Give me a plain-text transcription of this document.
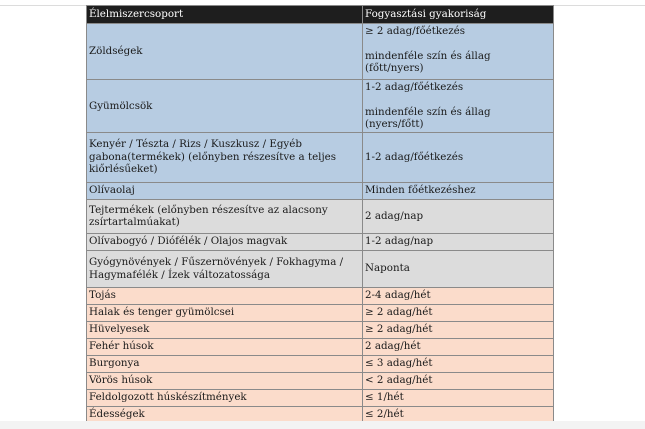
Élelmiszercsoport	Fogyasztási gyakoriság
Zöldségek	≥ 2 adag/főétkezés
mindenféle szín és állag (főtt/nyers)

Gyümölcsök	1-2 adag/főétkezés
mindenféle szín és állag (nyers/főtt)

Kenyér / Tészta / Rizs / Kuszkusz / Egyéb gabona(termékek) (előnyben részesítve a teljes kiőrlésűeket)	1-2 adag/főétkezés
Olívaolaj	Minden főétkezéshez
Tejtermékek (előnyben részesítve az alacsony zsírtartalmúakat)	2 adag/nap
Olívabogyó / Diófélék / Olajos magvak	1-2 adag/nap
Gyógynövények / Fűszernövények / Fokhagyma / Hagymafélék / Ízek változatossága	Naponta
Tojás	2-4 adag/hét
Halak és tenger gyümölcsei	≥ 2 adag/hét
Hüvelyesek	≥ 2 adag/hét
Fehér húsok	2 adag/hét
Burgonya	≤ 3 adag/hét
Vörös húsok	< 2 adag/hét
Feldolgozott húskészítmények	≤ 1/hét
Édességek	≤ 2/hét
